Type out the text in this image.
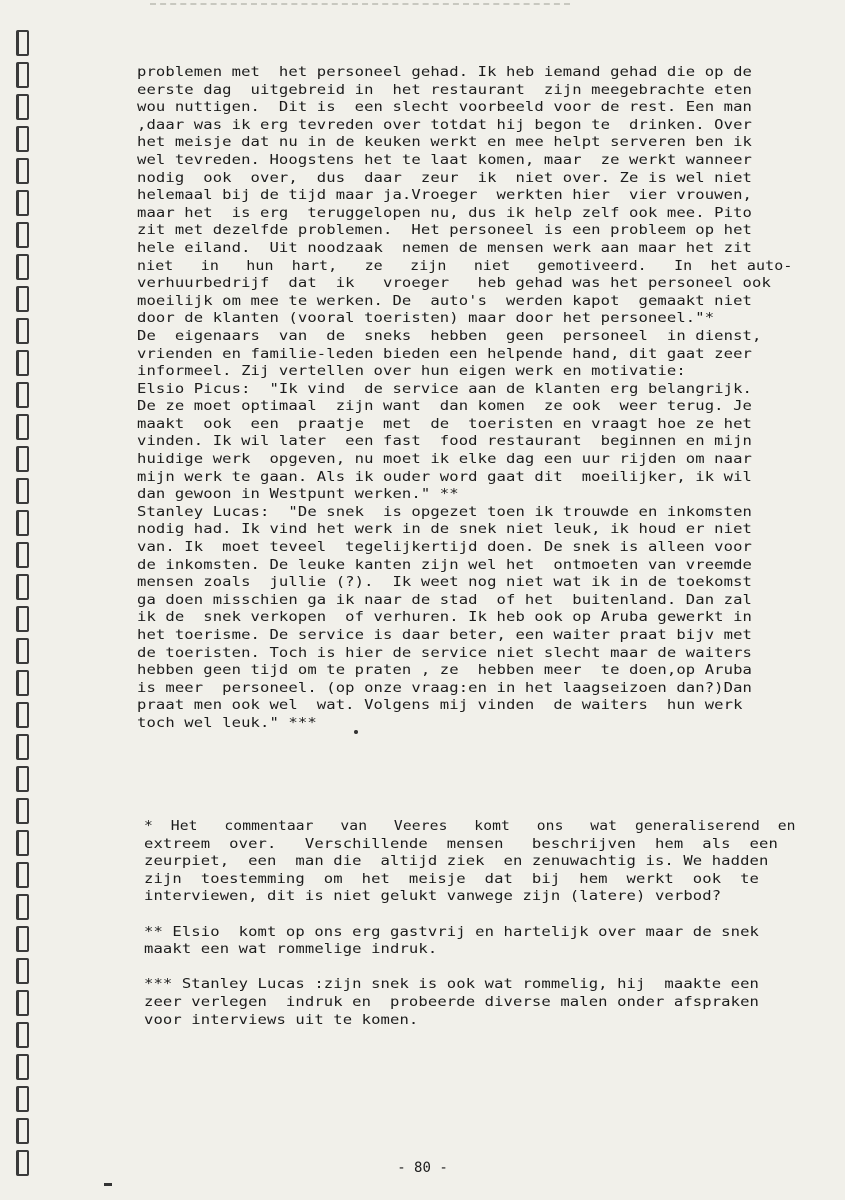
problemen met  het personeel gehad. Ik heb iemand gehad die op de
eerste dag  uitgebreid in  het restaurant  zijn meegebrachte eten
wou nuttigen.  Dit is  een slecht voorbeeld voor de rest. Een man
,daar was ik erg tevreden over totdat hij begon te  drinken. Over
het meisje dat nu in de keuken werkt en mee helpt serveren ben ik
wel tevreden. Hoogstens het te laat komen, maar  ze werkt wanneer
nodig  ook  over,  dus  daar  zeur  ik  niet over. Ze is wel niet
helemaal bij de tijd maar ja.Vroeger  werkten hier  vier vrouwen,
maar het  is erg  teruggelopen nu, dus ik help zelf ook mee. Pito
zit met dezelfde problemen.  Het personeel is een probleem op het
hele eiland.  Uit noodzaak  nemen de mensen werk aan maar het zit
niet   in   hun  hart,   ze   zijn   niet   gemotiveerd.   In  het auto-
verhuurbedrijf  dat  ik   vroeger   heb gehad was het personeel ook
moeilijk om mee te werken. De  auto's  werden kapot  gemaakt niet
door de klanten (vooral toeristen) maar door het personeel."*
De  eigenaars  van  de  sneks  hebben  geen  personeel  in dienst,
vrienden en familie-leden bieden een helpende hand, dit gaat zeer
informeel. Zij vertellen over hun eigen werk en motivatie:
Elsio Picus:  "Ik vind  de service aan de klanten erg belangrijk.
De ze moet optimaal  zijn want  dan komen  ze ook  weer terug. Je
maakt  ook  een  praatje  met  de  toeristen en vraagt hoe ze het
vinden. Ik wil later  een fast  food restaurant  beginnen en mijn
huidige werk  opgeven, nu moet ik elke dag een uur rijden om naar
mijn werk te gaan. Als ik ouder word gaat dit  moeilijker, ik wil
dan gewoon in Westpunt werken." **
Stanley Lucas:  "De snek  is opgezet toen ik trouwde en inkomsten
nodig had. Ik vind het werk in de snek niet leuk, ik houd er niet
van. Ik  moet teveel  tegelijkertijd doen. De snek is alleen voor
de inkomsten. De leuke kanten zijn wel het  ontmoeten van vreemde
mensen zoals  jullie (?).  Ik weet nog niet wat ik in de toekomst
ga doen misschien ga ik naar de stad  of het  buitenland. Dan zal
ik de  snek verkopen  of verhuren. Ik heb ook op Aruba gewerkt in
het toerisme. De service is daar beter, een waiter praat bijv met
de toeristen. Toch is hier de service niet slecht maar de waiters
hebben geen tijd om te praten , ze  hebben meer  te doen,op Aruba
is meer  personeel. (op onze vraag:en in het laagseizoen dan?)Dan
praat men ook wel  wat. Volgens mij vinden  de waiters  hun werk
toch wel leuk." ***
*  Het   commentaar   van   Veeres   komt   ons   wat  generaliserend  en
extreem  over.   Verschillende  mensen   beschrijven  hem  als  een
zeurpiet,  een  man die  altijd ziek  en zenuwachtig is. We hadden
zijn  toestemming  om  het  meisje  dat  bij  hem  werkt  ook  te
interviewen, dit is niet gelukt vanwege zijn (latere) verbod?
** Elsio  komt op ons erg gastvrij en hartelijk over maar de snek
maakt een wat rommelige indruk.
*** Stanley Lucas :zijn snek is ook wat rommelig, hij  maakte een
zeer verlegen  indruk en  probeerde diverse malen onder afspraken
voor interviews uit te komen.
- 80 -
